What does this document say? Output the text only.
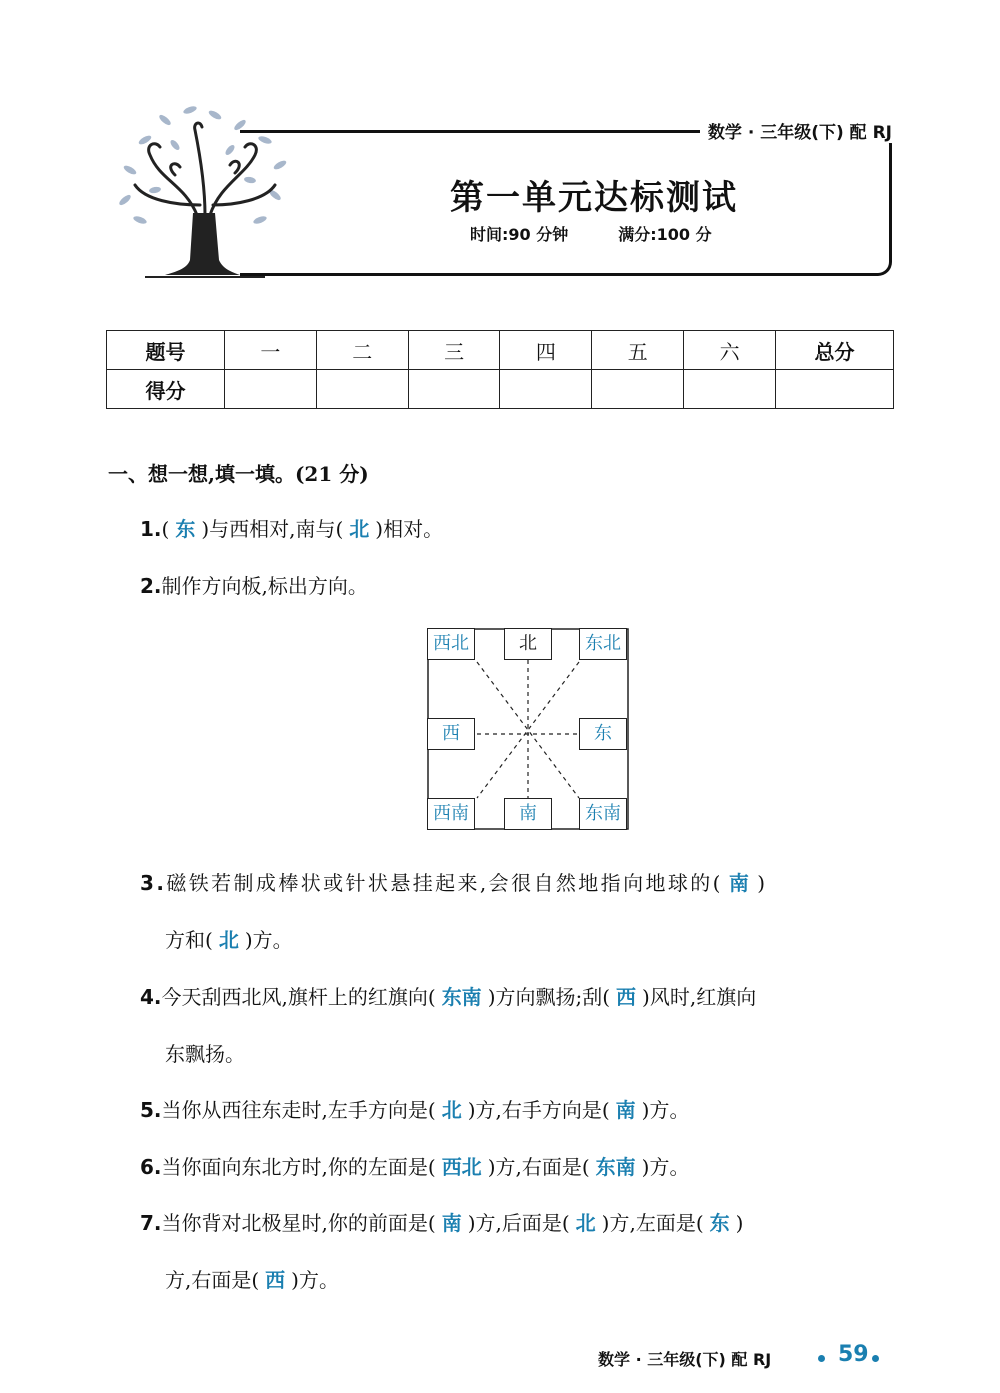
数学 · 三年级(下) 配 RJ
第一单元达标测试
时间:90 分钟	满分:100 分
题号	一	二	三	四	五	六	总分
得分							
一、想一想,填一填。(21 分)
1.( 东 )与西相对,南与( 北 )相对。
2.制作方向板,标出方向。
西北	北	东北
西	东
西南	南	东南
3.磁铁若制成棒状或针状悬挂起来,会很自然地指向地球的( 南 )
方和( 北 )方。
4.今天刮西北风,旗杆上的红旗向( 东南 )方向飘扬;刮( 西 )风时,红旗向
东飘扬。
5.当你从西往东走时,左手方向是( 北 )方,右手方向是( 南 )方。
6.当你面向东北方时,你的左面是( 西北 )方,右面是( 东南 )方。
7.当你背对北极星时,你的前面是( 南 )方,后面是( 北 )方,左面是( 东 )
方,右面是( 西 )方。
数学 · 三年级(下) 配 RJ	59
